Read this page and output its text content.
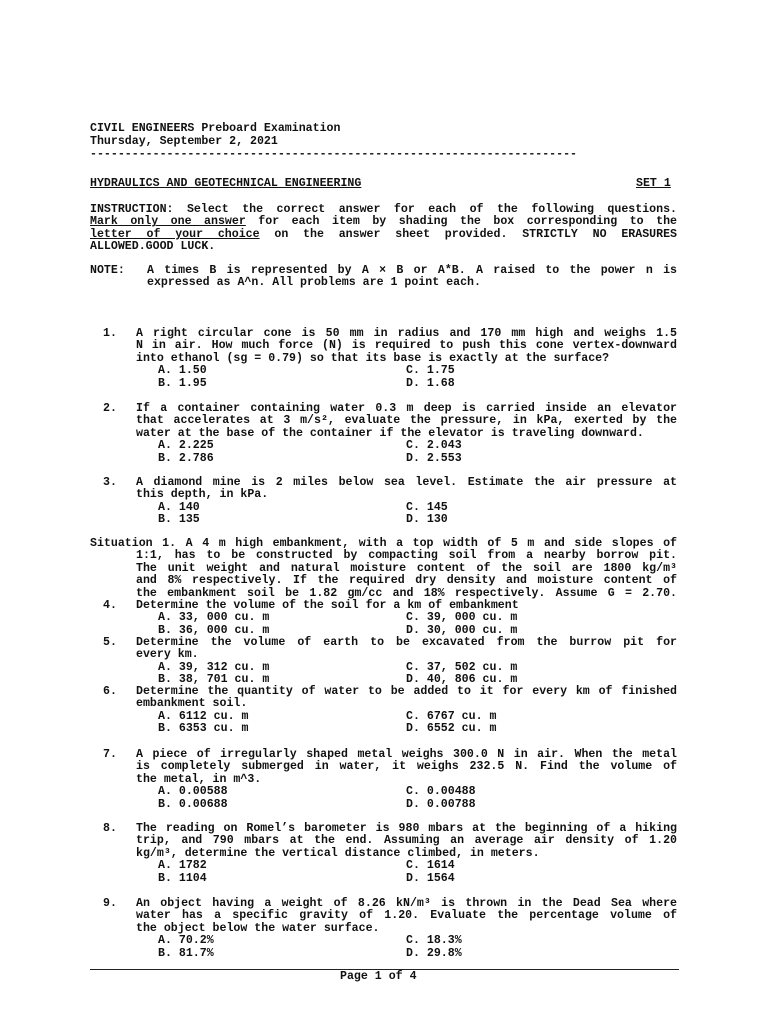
CIVIL ENGINEERS Preboard Examination
Thursday, September 2, 2021
----------------------------------------------------------------------
HYDRAULICS AND GEOTECHNICAL ENGINEERING	SET 1
INSTRUCTION: Select the correct answer for each of the following questions.
Mark only one answer for each item by shading the box corresponding to the
letter of your choice on the answer sheet provided. STRICTLY NO ERASURES
ALLOWED.GOOD LUCK.
NOTE: A times B is represented by A × B or A*B. A raised to the power n is
expressed as A^n. All problems are 1 point each.
1. A right circular cone is 50 mm in radius and 170 mm high and weighs 1.5
N in air. How much force (N) is required to push this cone vertex-downward
into ethanol (sg = 0.79) so that its base is exactly at the surface?
A. 1.50	C. 1.75
B. 1.95	D. 1.68
2. If a container containing water 0.3 m deep is carried inside an elevator
that accelerates at 3 m/s², evaluate the pressure, in kPa, exerted by the
water at the base of the container if the elevator is traveling downward.
A. 2.225	C. 2.043
B. 2.786	D. 2.553
3. A diamond mine is 2 miles below sea level. Estimate the air pressure at
this depth, in kPa.
A. 140	C. 145
B. 135	D. 130
4. Determine the volume of the soil for a km of embankment
A. 33, 000 cu. m	C. 39, 000 cu. m
B. 36, 000 cu. m	D. 30, 000 cu. m
5. Determine the volume of earth to be excavated from the burrow pit for
every km.
A. 39, 312 cu. m	C. 37, 502 cu. m
B. 38, 701 cu. m	D. 40, 806 cu. m
6. Determine the quantity of water to be added to it for every km of finished
embankment soil.
A. 6112 cu. m	C. 6767 cu. m
B. 6353 cu. m	D. 6552 cu. m
7. A piece of irregularly shaped metal weighs 300.0 N in air. When the metal
is completely submerged in water, it weighs 232.5 N. Find the volume of
the metal, in m^3.
A. 0.00588	C. 0.00488
B. 0.00688	D. 0.00788
8. The reading on Romel’s barometer is 980 mbars at the beginning of a hiking
trip, and 790 mbars at the end. Assuming an average air density of 1.20
kg/m³, determine the vertical distance climbed, in meters.
A. 1782	C. 1614
B. 1104	D. 1564
9. An object having a weight of 8.26 kN/m³ is thrown in the Dead Sea where
water has a specific gravity of 1.20. Evaluate the percentage volume of
the object below the water surface.
A. 70.2%	C. 18.3%
B. 81.7%	D. 29.8%
Situation 1. A 4 m high embankment, with a top width of 5 m and side slopes of
1:1, has to be constructed by compacting soil from a nearby borrow pit.
The unit weight and natural moisture content of the soil are 1800 kg/m³
and 8% respectively. If the required dry density and moisture content of
the embankment soil be 1.82 gm/cc and 18% respectively. Assume G = 2.70.
Page 1 of 4
